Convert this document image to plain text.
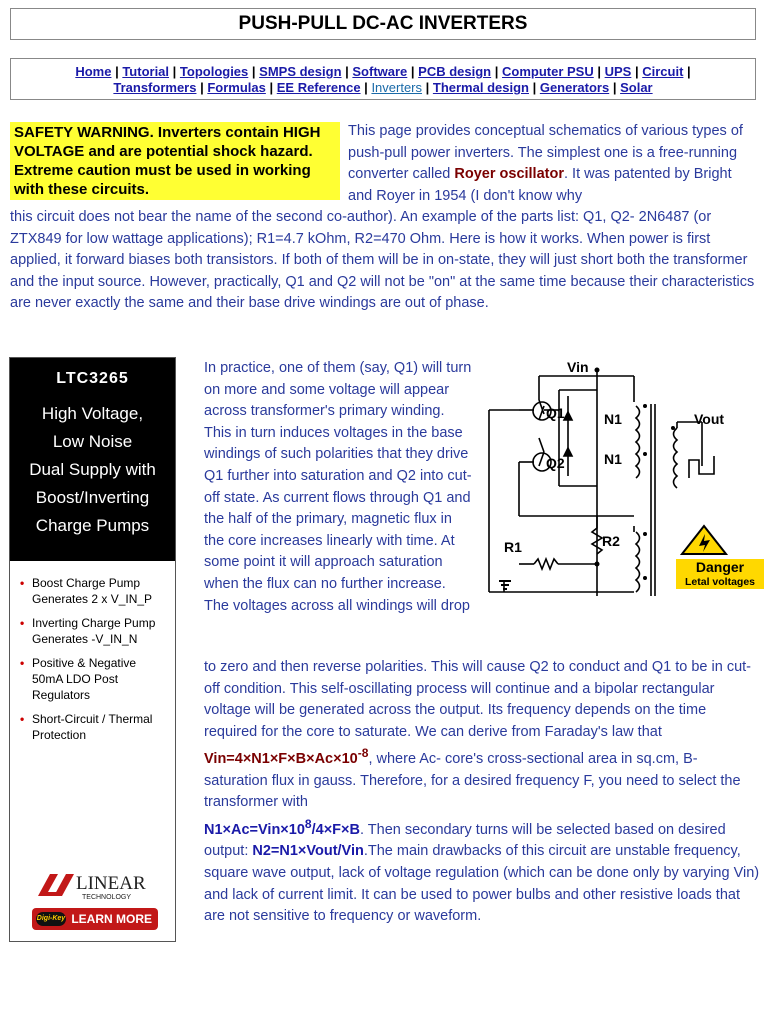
PUSH-PULL DC-AC INVERTERS
Home | Tutorial | Topologies | SMPS design | Software | PCB design | Computer PSU | UPS | Circuit |
Transformers | Formulas | EE Reference | Inverters | Thermal design | Generators | Solar
SAFETY WARNING. Inverters contain HIGH VOLTAGE and are potential shock hazard. Extreme caution must be used in working with these circuits.
This page provides conceptual schematics of various types of push-pull power inverters. The simplest one is a free-running converter called Royer oscillator. It was patented by Bright and Royer in 1954 (I don't know why
this circuit does not bear the name of the second co-author). An example of the parts list: Q1, Q2- 2N6487 (or ZTX849 for low wattage applications); R1=4.7 kOhm, R2=470 Ohm. Here is how it works. When power is first applied, it forward biases both transistors. If both of them will be in on-state, they will just short both the transformer and the input source. However, practically, Q1 and Q2 will not be "on" at the same time because their characteristics are never exactly the same and their base drive windings are out of phase.
LTC3265
High Voltage,
Low Noise
Dual Supply with
Boost/Inverting
Charge Pumps
• Boost Charge Pump Generates 2 x V_IN_P
• Inverting Charge Pump Generates -V_IN_N
• Positive & Negative 50mA LDO Post Regulators
• Short-Circuit / Thermal Protection
LINEAR
TECHNOLOGY
Digi-Key LEARN MORE
In practice, one of them (say, Q1) will turn on more and some voltage will appear across transformer's primary winding. This in turn induces voltages in the base windings of such polarities that they drive Q1 further into saturation and Q2 into cut-off state. As current flows through Q1 and the half of the primary, magnetic flux in the core increases linearly with time. At some point it will approach saturation when the flux can no further increase. The voltages across all windings will drop
to zero and then reverse polarities. This will cause Q2 to conduct and Q1 to be in cut-off condition. This self-oscillating process will continue and a bipolar rectangular voltage will be generated across the output. Its frequency depends on the time required for the core to saturate. We can derive from Faraday's law that $Vin=4\times N1\times F\times B\times Ac\times 10^{-8}$, where Ac- core's cross-sectional area in sq.cm, B- saturation flux in gauss. Therefore, for a desired frequency F, you need to select the transformer with
$N1\times Ac=Vin\times 10^8/4\times F\times B$. Then secondary turns will be selected based on desired output: N2=N1×Vout/Vin.The main drawbacks of this circuit are unstable frequency, square wave output, lack of voltage regulation (which can be done only by varying Vin) and lack of current limit. It can be used to power bulbs and other resistive loads that are not sensitive to frequency or waveform.
Vin
Q1
Q2
N1
N1
Vout
R1	R2
Danger
Letal voltages
